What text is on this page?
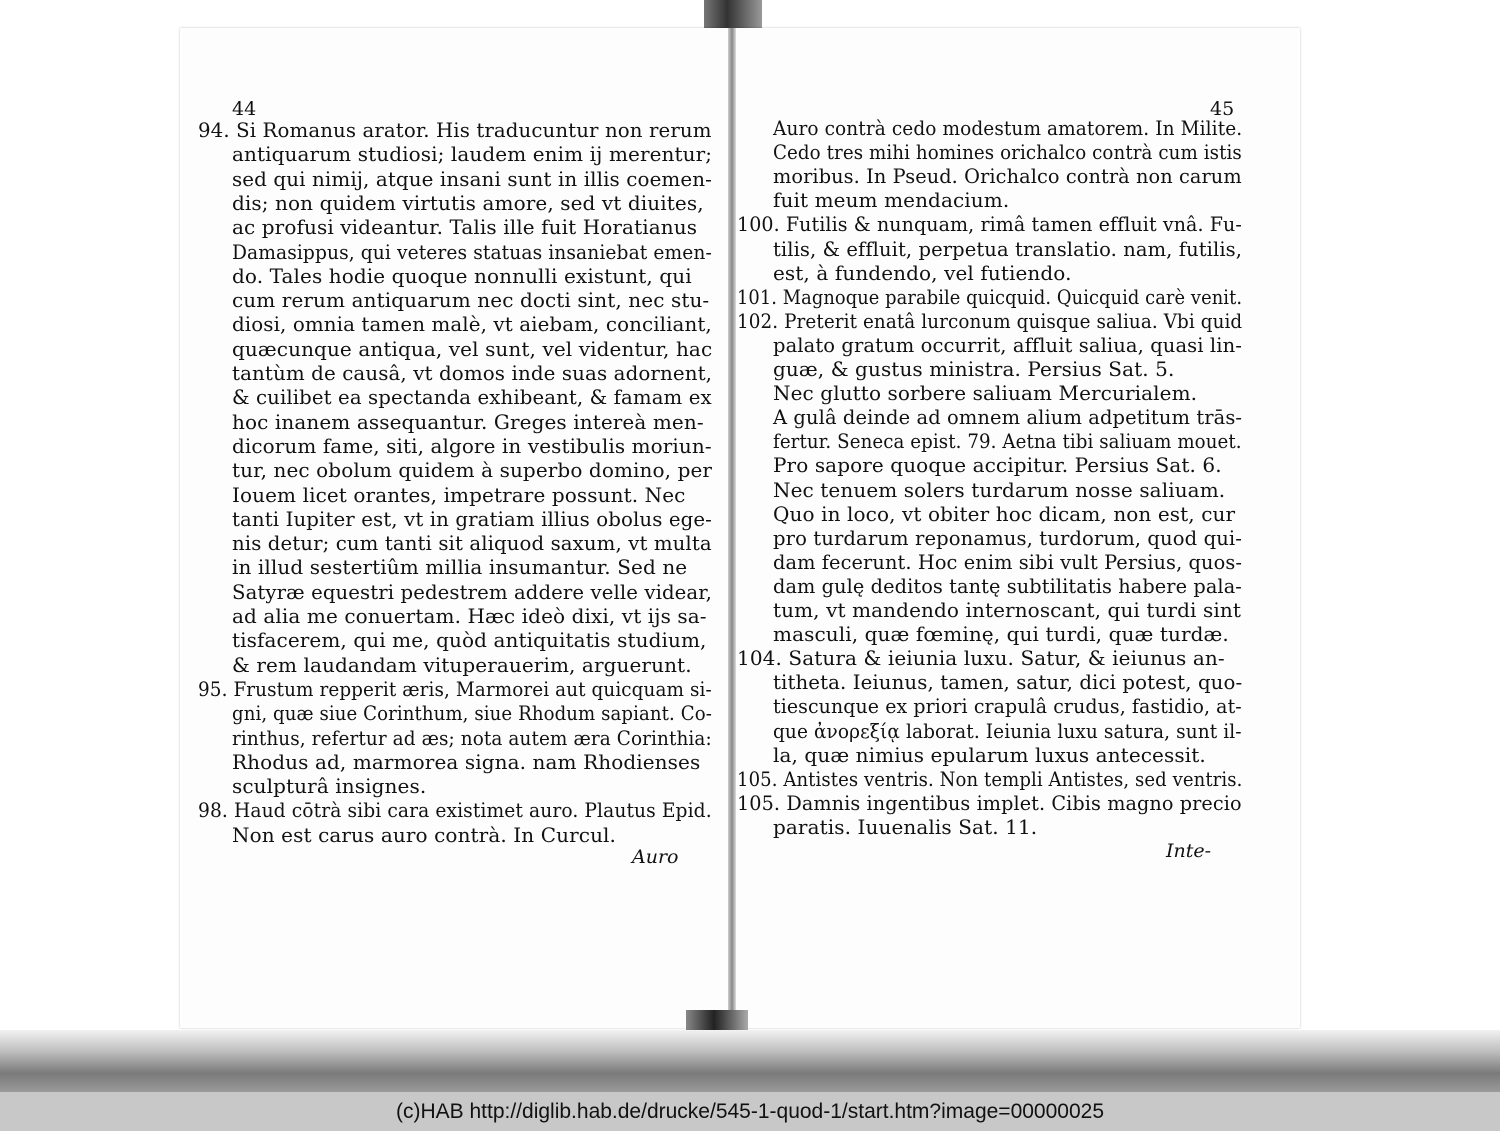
44	45
94. Si Romanus arator. His traducuntur non rerum
antiquarum studiosi; laudem enim ij merentur;
sed qui nimij, atque insani sunt in illis coemen-
dis; non quidem virtutis amore, sed vt diuites,
ac profusi videantur. Talis ille fuit Horatianus
Damasippus, qui veteres statuas insaniebat emen-
do. Tales hodie quoque nonnulli existunt, qui
cum rerum antiquarum nec docti sint, nec stu-
diosi, omnia tamen malè, vt aiebam, conciliant,
quæcunque antiqua, vel sunt, vel videntur, hac
tantùm de causâ, vt domos inde suas adornent,
& cuilibet ea spectanda exhibeant, & famam ex
hoc inanem assequantur. Greges intereà men-
dicorum fame, siti, algore in vestibulis moriun-
tur, nec obolum quidem à superbo domino, per
Iouem licet orantes, impetrare possunt. Nec
tanti Iupiter est, vt in gratiam illius obolus ege-
nis detur; cum tanti sit aliquod saxum, vt multa
in illud sestertiûm millia insumantur. Sed ne
Satyræ equestri pedestrem addere velle videar,
ad alia me conuertam. Hæc ideò dixi, vt ijs sa-
tisfacerem, qui me, quòd antiquitatis studium,
& rem laudandam vituperauerim, arguerunt.
95. Frustum repperit æris, Marmorei aut quicquam si-
gni, quæ siue Corinthum, siue Rhodum sapiant. Co-
rinthus, refertur ad æs; nota autem æra Corinthia:
Rhodus ad, marmorea signa. nam Rhodienses
sculpturâ insignes.
98. Haud cōtrà sibi cara existimet auro. Plautus Epid.
Non est carus auro contrà. In Curcul.
Auro contrà cedo modestum amatorem. In Milite.
Cedo tres mihi homines orichalco contrà cum istis
moribus. In Pseud. Orichalco contrà non carum
fuit meum mendacium.
100. Futilis & nunquam, rimâ tamen effluit vnâ. Fu-
tilis, & effluit, perpetua translatio. nam, futilis,
est, à fundendo, vel futiendo.
101. Magnoque parabile quicquid. Quicquid carè venit.
102. Preterit enatâ lurconum quisque saliua. Vbi quid
palato gratum occurrit, affluit saliua, quasi lin-
guæ, & gustus ministra. Persius Sat. 5.
Nec glutto sorbere saliuam Mercurialem.
A gulâ deinde ad omnem alium adpetitum trās-
fertur. Seneca epist. 79. Aetna tibi saliuam mouet.
Pro sapore quoque accipitur. Persius Sat. 6.
Nec tenuem solers turdarum nosse saliuam.
Quo in loco, vt obiter hoc dicam, non est, cur
pro turdarum reponamus, turdorum, quod qui-
dam fecerunt. Hoc enim sibi vult Persius, quos-
dam gulę deditos tantę subtilitatis habere pala-
tum, vt mandendo internoscant, qui turdi sint
masculi, quæ fœminę, qui turdi, quæ turdæ.
104. Satura & ieiunia luxu. Satur, & ieiunus an-
titheta. Ieiunus, tamen, satur, dici potest, quo-
tiescunque ex priori crapulâ crudus, fastidio, at-
que ἀνορεξίᾳ laborat. Ieiunia luxu satura, sunt il-
la, quæ nimius epularum luxus antecessit.
105. Antistes ventris. Non templi Antistes, sed ventris.
105. Damnis ingentibus implet. Cibis magno precio
paratis. Iuuenalis Sat. 11.
Auro	Inte-
(c)HAB http://diglib.hab.de/drucke/545-1-quod-1/start.htm?image=00000025
